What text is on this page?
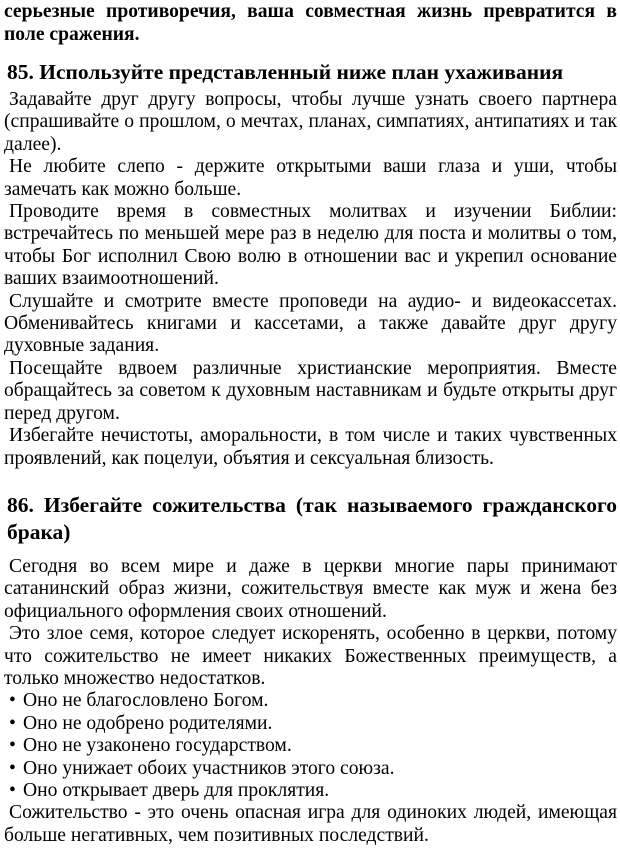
серьезные противоречия, ваша совместная жизнь превратится в поле сражения.

85. Используйте представленный ниже план ухаживания

Задавайте друг другу вопросы, чтобы лучше узнать своего партнера (спрашивайте о прошлом, о мечтах, планах, симпатиях, антипатиях и так далее).

Не любите слепо - держите открытыми ваши глаза и уши, чтобы замечать как можно больше.

Проводите время в совместных молитвах и изучении Библии: встречайтесь по меньшей мере раз в неделю для поста и молитвы о том, чтобы Бог исполнил Свою волю в отношении вас и укрепил основание ваших взаимоотношений.

Слушайте и смотрите вместе проповеди на аудио- и видеокассетах. Обменивайтесь книгами и кассетами, а также давайте друг другу духовные задания.

Посещайте вдвоем различные христианские мероприятия. Вместе обращайтесь за советом к духовным наставникам и будьте открыты друг перед другом.

Избегайте нечистоты, аморальности, в том числе и таких чувственных проявлений, как поцелуи, объятия и сексуальная близость.

86. Избегайте сожительства (так называемого гражданского брака)

Сегодня во всем мире и даже в церкви многие пары принимают сатанинский образ жизни, сожительствуя вместе как муж и жена без официального оформления своих отношений.

Это злое семя, которое следует искоренять, особенно в церкви, потому что сожительство не имеет никаких Божественных преимуществ, а только множество недостатков.

• Оно не благословлено Богом.
• Оно не одобрено родителями.
• Оно не узаконено государством.
• Оно унижает обоих участников этого союза.
• Оно открывает дверь для проклятия.

Сожительство - это очень опасная игра для одиноких людей, имеющая больше негативных, чем позитивных последствий.
